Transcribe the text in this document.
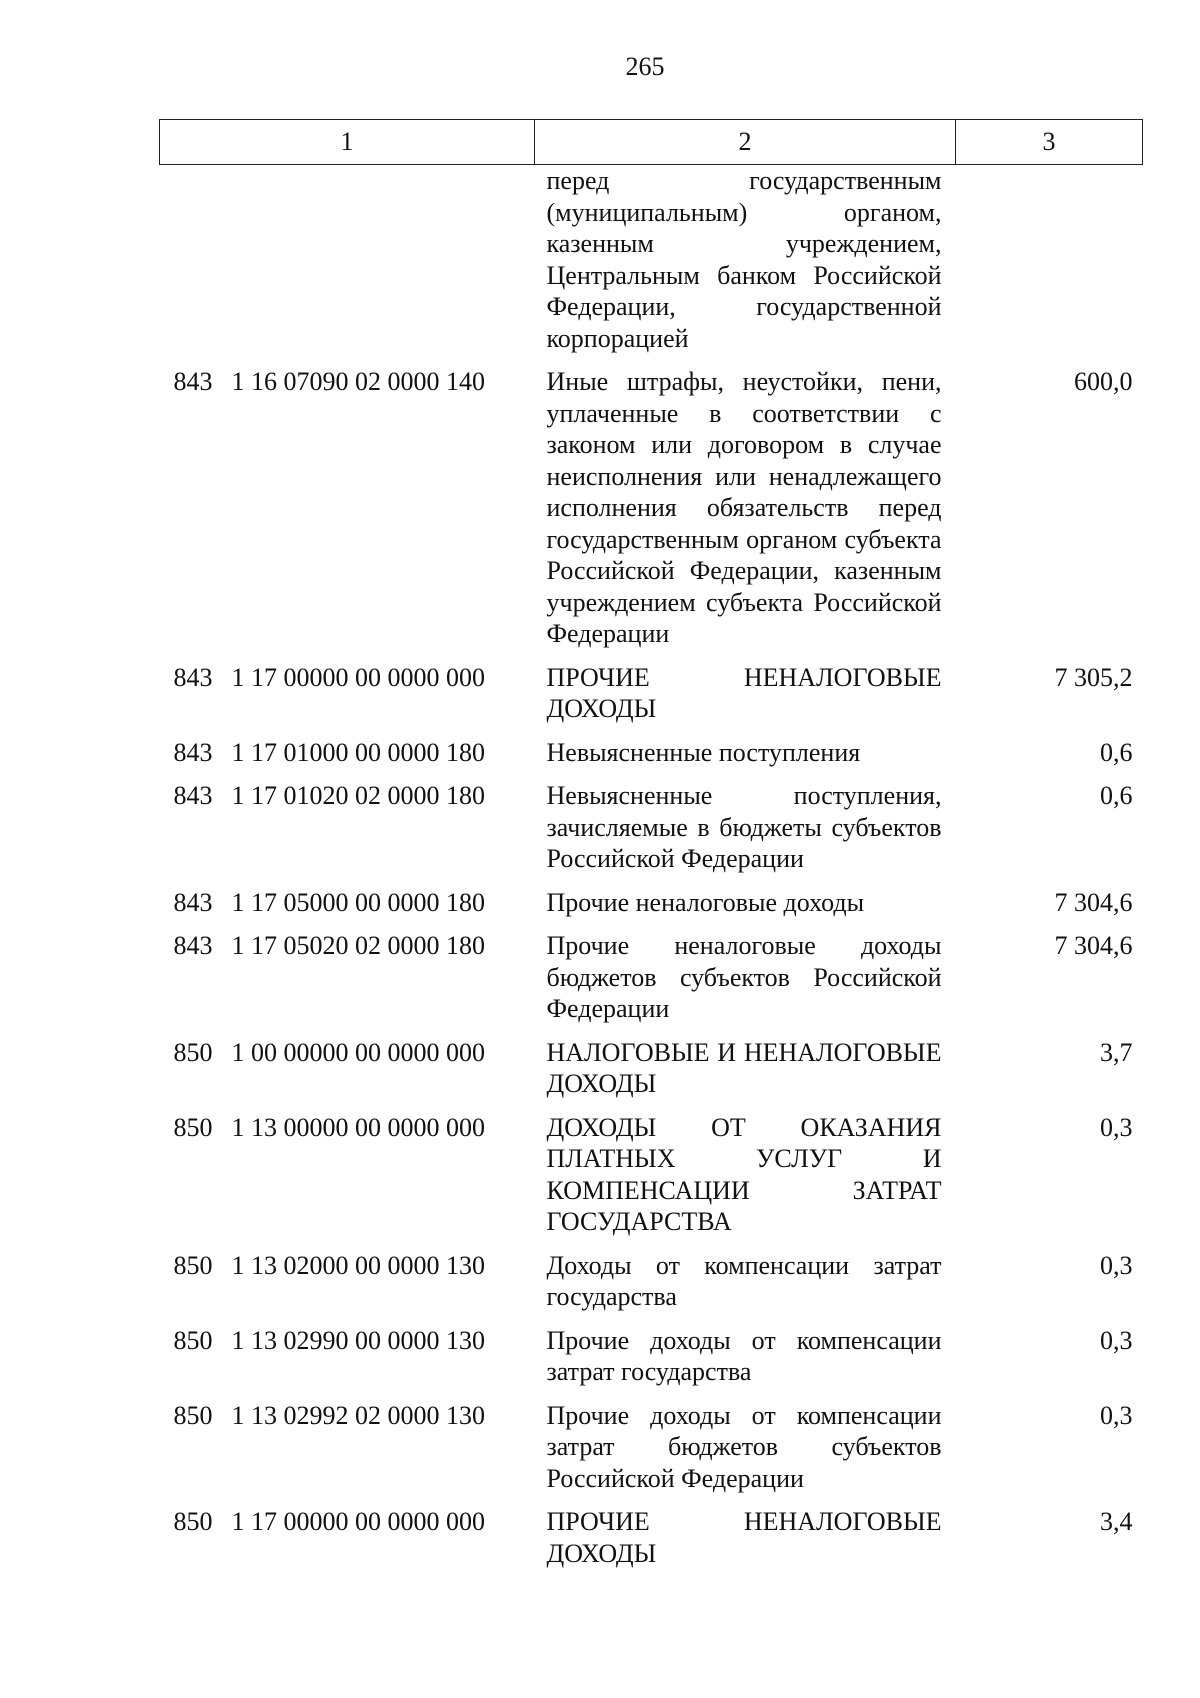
265
1	2	3
	перед государственным (муниципальным) органом, казенным учреждением, Центральным банком Российской Федерации, государственной корпорацией	

843 1 16 07090 02 0000 140	Иные штрафы, неустойки, пени, уплаченные в соответствии с законом или договором в случае неисполнения или ненадлежащего исполнения обязательств перед государственным органом субъекта Российской Федерации, казенным учреждением субъекта Российской Федерации	600,0

843 1 17 00000 00 0000 000	ПРОЧИЕ НЕНАЛОГОВЫЕ ДОХОДЫ	7 305,2

843 1 17 01000 00 0000 180	Невыясненные поступления	0,6

843 1 17 01020 02 0000 180	Невыясненные поступления, зачисляемые в бюджеты субъектов Российской Федерации	0,6

843 1 17 05000 00 0000 180	Прочие неналоговые доходы	7 304,6

843 1 17 05020 02 0000 180	Прочие неналоговые доходы бюджетов субъектов Российской Федерации	7 304,6

850 1 00 00000 00 0000 000	НАЛОГОВЫЕ И НЕНАЛОГОВЫЕ ДОХОДЫ	3,7

850 1 13 00000 00 0000 000	ДОХОДЫ ОТ ОКАЗАНИЯ ПЛАТНЫХ УСЛУГ И КОМПЕНСАЦИИ ЗАТРАТ ГОСУДАРСТВА	0,3

850 1 13 02000 00 0000 130	Доходы от компенсации затрат государства	0,3

850 1 13 02990 00 0000 130	Прочие доходы от компенсации затрат государства	0,3

850 1 13 02992 02 0000 130	Прочие доходы от компенсации затрат бюджетов субъектов Российской Федерации	0,3

850 1 17 00000 00 0000 000	ПРОЧИЕ НЕНАЛОГОВЫЕ ДОХОДЫ	3,4
